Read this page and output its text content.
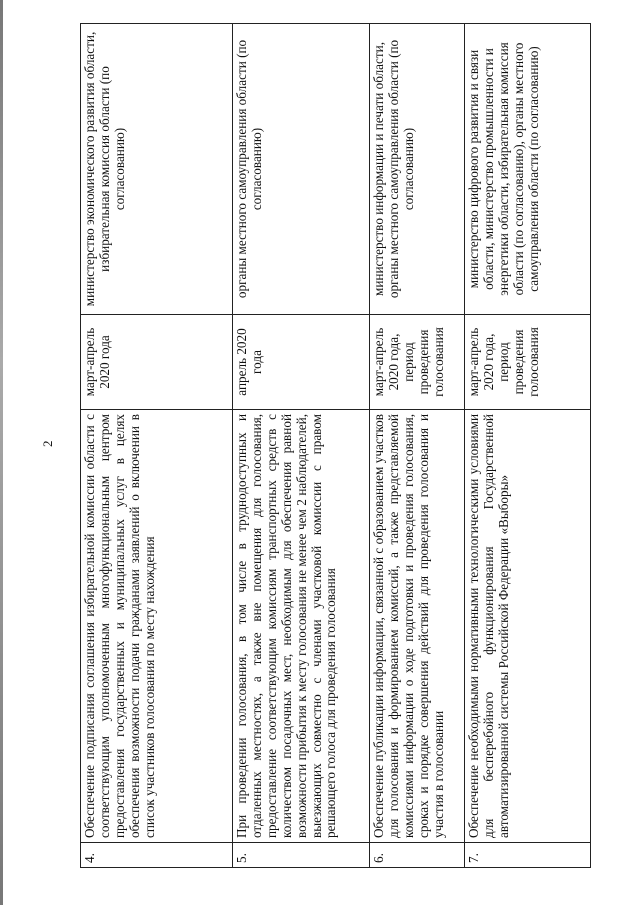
2
4.	Обеспечение подписания соглашения избирательной комиссии области с соответствующим уполномоченным многофункциональным центром предоставления государственных и муниципальных услуг в целях обеспечения возможности подачи гражданами заявлений о включении в список участников голосования по месту нахождения	март-апрель 2020 года	министерство экономического развития области, избирательная комиссия области (по согласованию)
5.	При проведении голосования, в том числе в труднодоступных и отдаленных местностях, а также вне помещения для голосования, предоставление соответствующим комиссиям транспортных средств с количеством посадочных мест, необходимым для обеспечения равной возможности прибытия к месту голосования не менее чем 2 наблюдателей, выезжающих совместно с членами участковой комиссии с правом решающего голоса для проведения голосования	апрель 2020 года	органы местного самоуправления области (по согласованию)
6.	Обеспечение публикации информации, связанной с образованием участков для голосования и формированием комиссий, а также представляемой комиссиями информации о ходе подготовки и проведения голосования, сроках и порядке совершения действий для проведения голосования и участия в голосовании	март-апрель 2020 года, период проведения голосования	министерство информации и печати области, органы местного самоуправления области (по согласованию)
7.	Обеспечение необходимыми нормативными технологическими условиями для бесперебойного функционирования Государственной автоматизированной системы Российской Федерации «Выборы»	март-апрель 2020 года, период проведения голосования	министерство цифрового развития и связи области, министерство промышленности и энергетики области, избирательная комиссия области (по согласованию), органы местного самоуправления области (по согласованию)
